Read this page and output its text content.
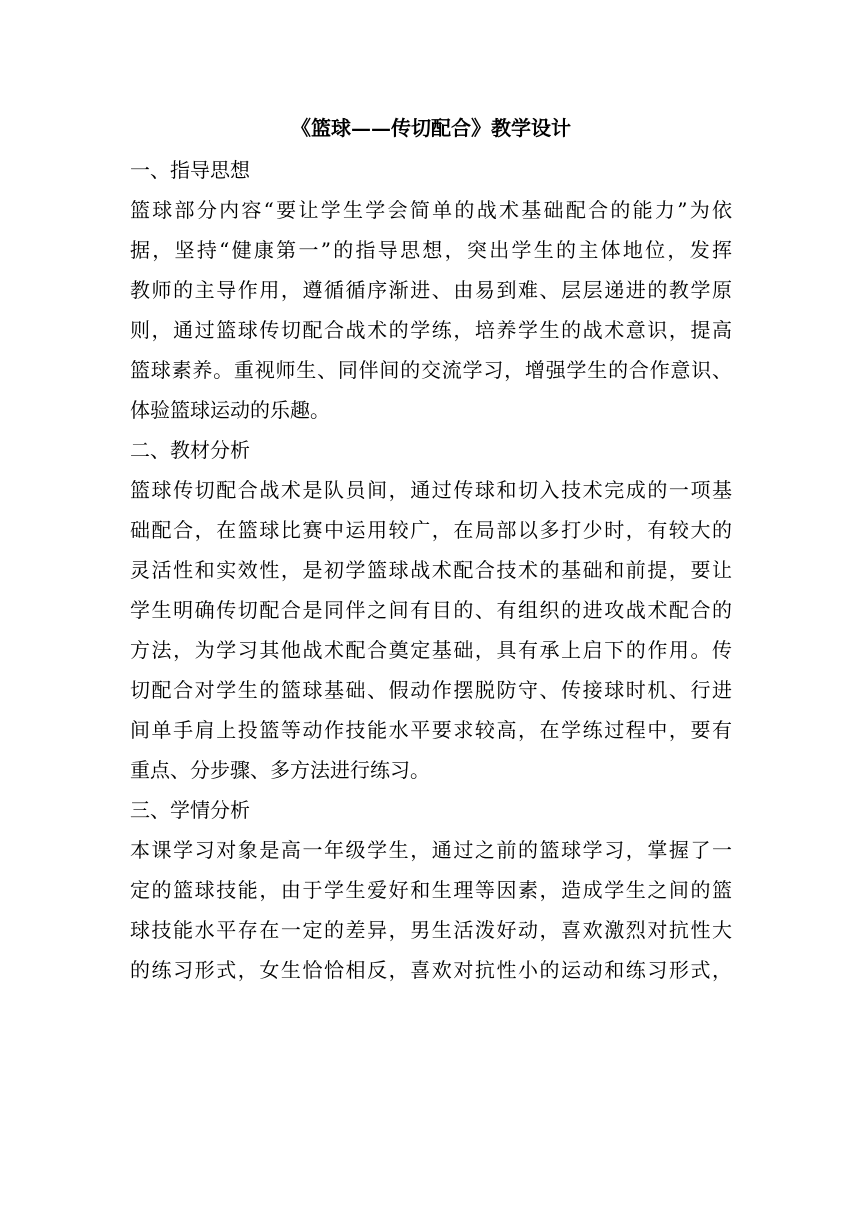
《篮球——传切配合》教学设计
一、指导思想
篮球部分内容“要让学生学会简单的战术基础配合的能力”为依
据，坚持“健康第一”的指导思想，突出学生的主体地位，发挥
教师的主导作用，遵循循序渐进、由易到难、层层递进的教学原
则，通过篮球传切配合战术的学练，培养学生的战术意识，提高
篮球素养。重视师生、同伴间的交流学习，增强学生的合作意识、
体验篮球运动的乐趣。
二、教材分析
篮球传切配合战术是队员间，通过传球和切入技术完成的一项基
础配合，在篮球比赛中运用较广，在局部以多打少时，有较大的
灵活性和实效性，是初学篮球战术配合技术的基础和前提，要让
学生明确传切配合是同伴之间有目的、有组织的进攻战术配合的
方法，为学习其他战术配合奠定基础，具有承上启下的作用。传
切配合对学生的篮球基础、假动作摆脱防守、传接球时机、行进
间单手肩上投篮等动作技能水平要求较高，在学练过程中，要有
重点、分步骤、多方法进行练习。
三、学情分析
本课学习对象是高一年级学生，通过之前的篮球学习，掌握了一
定的篮球技能，由于学生爱好和生理等因素，造成学生之间的篮
球技能水平存在一定的差异，男生活泼好动，喜欢激烈对抗性大
的练习形式，女生恰恰相反，喜欢对抗性小的运动和练习形式，
